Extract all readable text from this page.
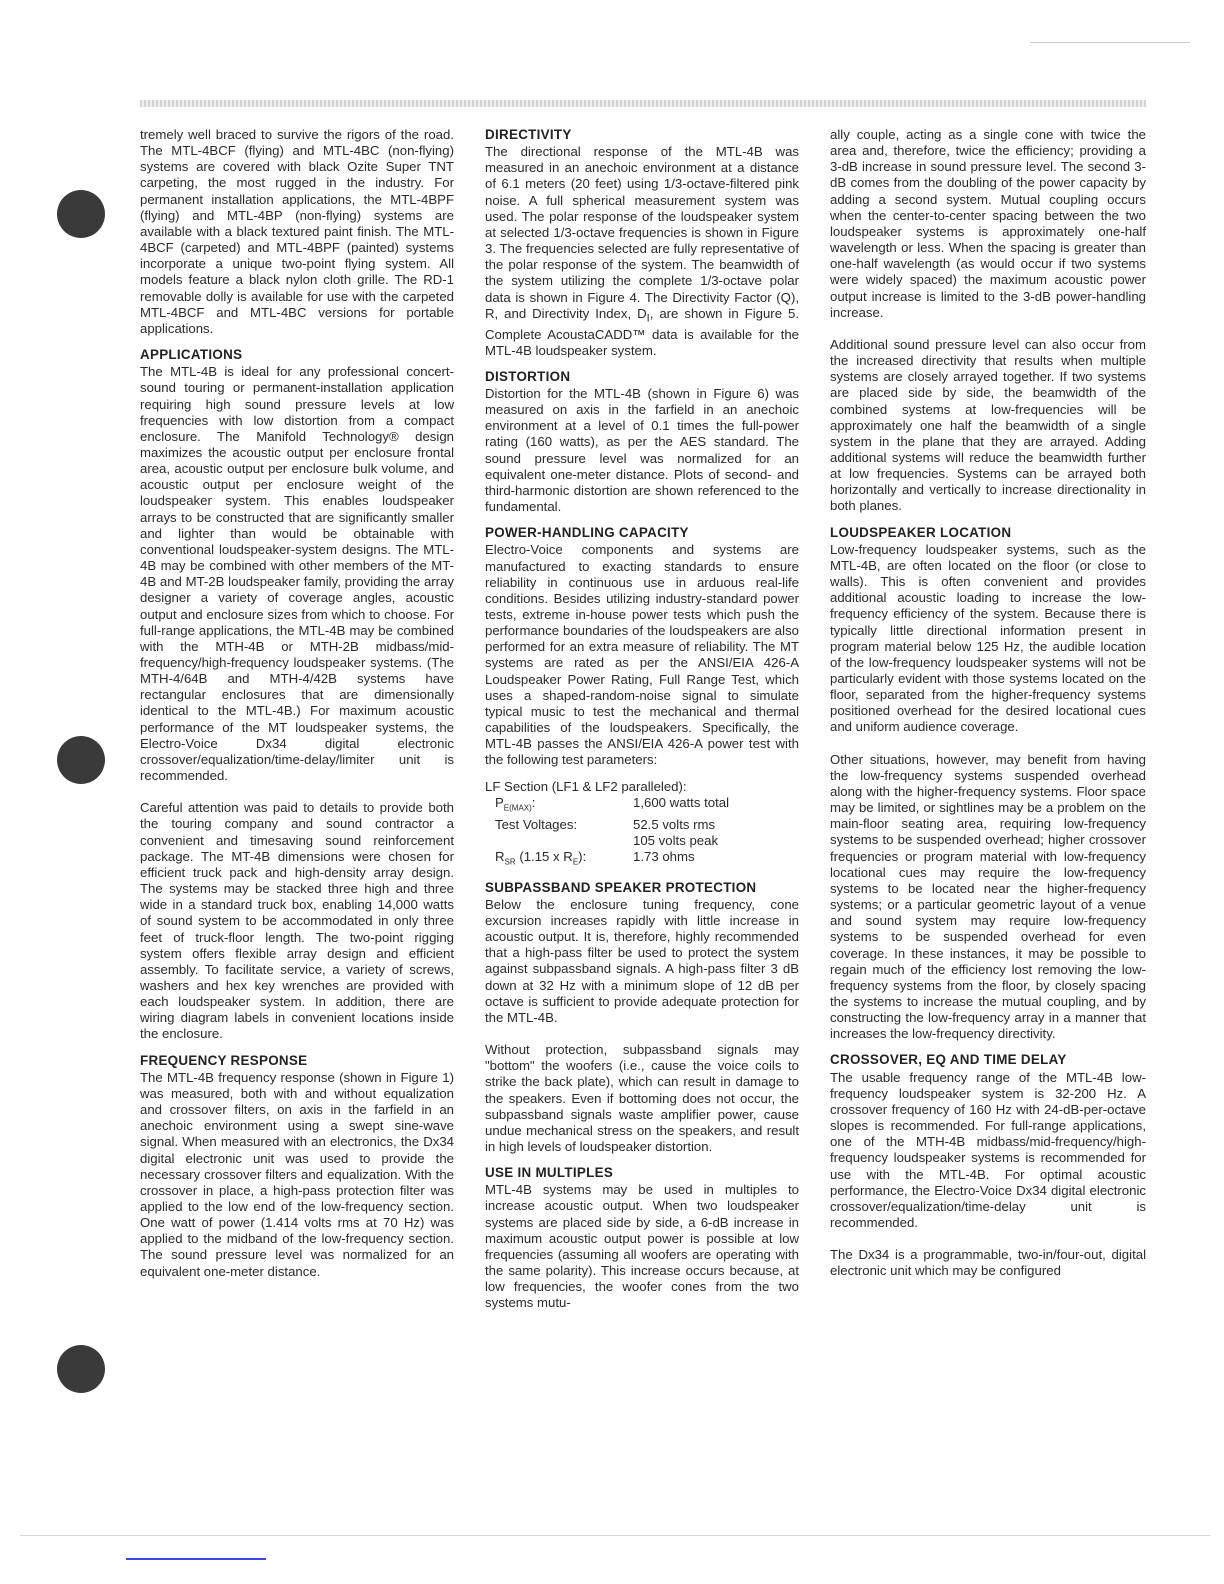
tremely well braced to survive the rigors of the road. The MTL-4BCF (flying) and MTL-4BC (non-flying) systems are covered with black Ozite Super TNT carpeting, the most rugged in the industry. For permanent installation applications, the MTL-4BPF (flying) and MTL-4BP (non-flying) systems are available with a black textured paint finish. The MTL-4BCF (carpeted) and MTL-4BPF (painted) systems incorporate a unique two-point flying system. All models feature a black nylon cloth grille. The RD-1 removable dolly is available for use with the carpeted MTL-4BCF and MTL-4BC versions for portable applications.

APPLICATIONS

The MTL-4B is ideal for any professional concert-sound touring or permanent-installation application requiring high sound pressure levels at low frequencies with low distortion from a compact enclosure. The Manifold Technology® design maximizes the acoustic output per enclosure frontal area, acoustic output per enclosure bulk volume, and acoustic output per enclosure weight of the loudspeaker system. This enables loudspeaker arrays to be constructed that are significantly smaller and lighter than would be obtainable with conventional loudspeaker-system designs. The MTL-4B may be combined with other members of the MT-4B and MT-2B loudspeaker family, providing the array designer a variety of coverage angles, acoustic output and enclosure sizes from which to choose. For full-range applications, the MTL-4B may be combined with the MTH-4B or MTH-2B midbass/mid-frequency/high-frequency loudspeaker systems. (The MTH-4/64B and MTH-4/42B systems have rectangular enclosures that are dimensionally identical to the MTL-4B.) For maximum acoustic performance of the MT loudspeaker systems, the Electro-Voice Dx34 digital electronic crossover/equalization/time-delay/limiter unit is recommended.

Careful attention was paid to details to provide both the touring company and sound contractor a convenient and timesaving sound reinforcement package. The MT-4B dimensions were chosen for efficient truck pack and high-density array design. The systems may be stacked three high and three wide in a standard truck box, enabling 14,000 watts of sound system to be accommodated in only three feet of truck-floor length. The two-point rigging system offers flexible array design and efficient assembly. To facilitate service, a variety of screws, washers and hex key wrenches are provided with each loudspeaker system. In addition, there are wiring diagram labels in convenient locations inside the enclosure.

FREQUENCY RESPONSE

The MTL-4B frequency response (shown in Figure 1) was measured, both with and without equalization and crossover filters, on axis in the farfield in an anechoic environment using a swept sine-wave signal. When measured with an electronics, the Dx34 digital electronic unit was used to provide the necessary crossover filters and equalization. With the crossover in place, a high-pass protection filter was applied to the low end of the low-frequency section. One watt of power (1.414 volts rms at 70 Hz) was applied to the midband of the low-frequency section. The sound pressure level was normalized for an equivalent one-meter distance.

DIRECTIVITY

The directional response of the MTL-4B was measured in an anechoic environment at a distance of 6.1 meters (20 feet) using 1/3-octave-filtered pink noise. A full spherical measurement system was used. The polar response of the loudspeaker system at selected 1/3-octave frequencies is shown in Figure 3. The frequencies selected are fully representative of the polar response of the system. The beamwidth of the system utilizing the complete 1/3-octave polar data is shown in Figure 4. The Directivity Factor (Q), R, and Directivity Index, $D_I$, are shown in Figure 5. Complete AcoustaCADD™ data is available for the MTL-4B loudspeaker system.

DISTORTION

Distortion for the MTL-4B (shown in Figure 6) was measured on axis in the farfield in an anechoic environment at a level of 0.1 times the full-power rating (160 watts), as per the AES standard. The sound pressure level was normalized for an equivalent one-meter distance. Plots of second- and third-harmonic distortion are shown referenced to the fundamental.

POWER-HANDLING CAPACITY

Electro-Voice components and systems are manufactured to exacting standards to ensure reliability in continuous use in arduous real-life conditions. Besides utilizing industry-standard power tests, extreme in-house power tests which push the performance boundaries of the loudspeakers are also performed for an extra measure of reliability. The MT systems are rated as per the ANSI/EIA 426-A Loudspeaker Power Rating, Full Range Test, which uses a shaped-random-noise signal to simulate typical music to test the mechanical and thermal capabilities of the loudspeakers. Specifically, the MTL-4B passes the ANSI/EIA 426-A power test with the following test parameters:

LF Section (LF1 & LF2 paralleled):
$P_{E(MAX)}$:	1,600 watts total
Test Voltages:	52.5 volts rms
105 volts peak
$R_{SR}$ (1.15 x $R_E$):	1.73 ohms
SUBPASSBAND SPEAKER PROTECTION

Below the enclosure tuning frequency, cone excursion increases rapidly with little increase in acoustic output. It is, therefore, highly recommended that a high-pass filter be used to protect the system against subpassband signals. A high-pass filter 3 dB down at 32 Hz with a minimum slope of 12 dB per octave is sufficient to provide adequate protection for the MTL-4B.

Without protection, subpassband signals may "bottom" the woofers (i.e., cause the voice coils to strike the back plate), which can result in damage to the speakers. Even if bottoming does not occur, the subpassband signals waste amplifier power, cause undue mechanical stress on the speakers, and result in high levels of loudspeaker distortion.

USE IN MULTIPLES

MTL-4B systems may be used in multiples to increase acoustic output. When two loudspeaker systems are placed side by side, a 6-dB increase in maximum acoustic output power is possible at low frequencies (assuming all woofers are operating with the same polarity). This increase occurs because, at low frequencies, the woofer cones from the two systems mutu-

ally couple, acting as a single cone with twice the area and, therefore, twice the efficiency; providing a 3-dB increase in sound pressure level. The second 3-dB comes from the doubling of the power capacity by adding a second system. Mutual coupling occurs when the center-to-center spacing between the two loudspeaker systems is approximately one-half wavelength or less. When the spacing is greater than one-half wavelength (as would occur if two systems were widely spaced) the maximum acoustic power output increase is limited to the 3-dB power-handling increase.

Additional sound pressure level can also occur from the increased directivity that results when multiple systems are closely arrayed together. If two systems are placed side by side, the beamwidth of the combined systems at low-frequencies will be approximately one half the beamwidth of a single system in the plane that they are arrayed. Adding additional systems will reduce the beamwidth further at low frequencies. Systems can be arrayed both horizontally and vertically to increase directionality in both planes.

LOUDSPEAKER LOCATION

Low-frequency loudspeaker systems, such as the MTL-4B, are often located on the floor (or close to walls). This is often convenient and provides additional acoustic loading to increase the low-frequency efficiency of the system. Because there is typically little directional information present in program material below 125 Hz, the audible location of the low-frequency loudspeaker systems will not be particularly evident with those systems located on the floor, separated from the higher-frequency systems positioned overhead for the desired locational cues and uniform audience coverage.

Other situations, however, may benefit from having the low-frequency systems suspended overhead along with the higher-frequency systems. Floor space may be limited, or sightlines may be a problem on the main-floor seating area, requiring low-frequency systems to be suspended overhead; higher crossover frequencies or program material with low-frequency locational cues may require the low-frequency systems to be located near the higher-frequency systems; or a particular geometric layout of a venue and sound system may require low-frequency systems to be suspended overhead for even coverage. In these instances, it may be possible to regain much of the efficiency lost removing the low-frequency systems from the floor, by closely spacing the systems to increase the mutual coupling, and by constructing the low-frequency array in a manner that increases the low-frequency directivity.

CROSSOVER, EQ AND TIME DELAY

The usable frequency range of the MTL-4B low-frequency loudspeaker system is 32-200 Hz. A crossover frequency of 160 Hz with 24-dB-per-octave slopes is recommended. For full-range applications, one of the MTH-4B midbass/mid-frequency/high-frequency loudspeaker systems is recommended for use with the MTL-4B. For optimal acoustic performance, the Electro-Voice Dx34 digital electronic crossover/equalization/time-delay unit is recommended.

The Dx34 is a programmable, two-in/four-out, digital electronic unit which may be configured
